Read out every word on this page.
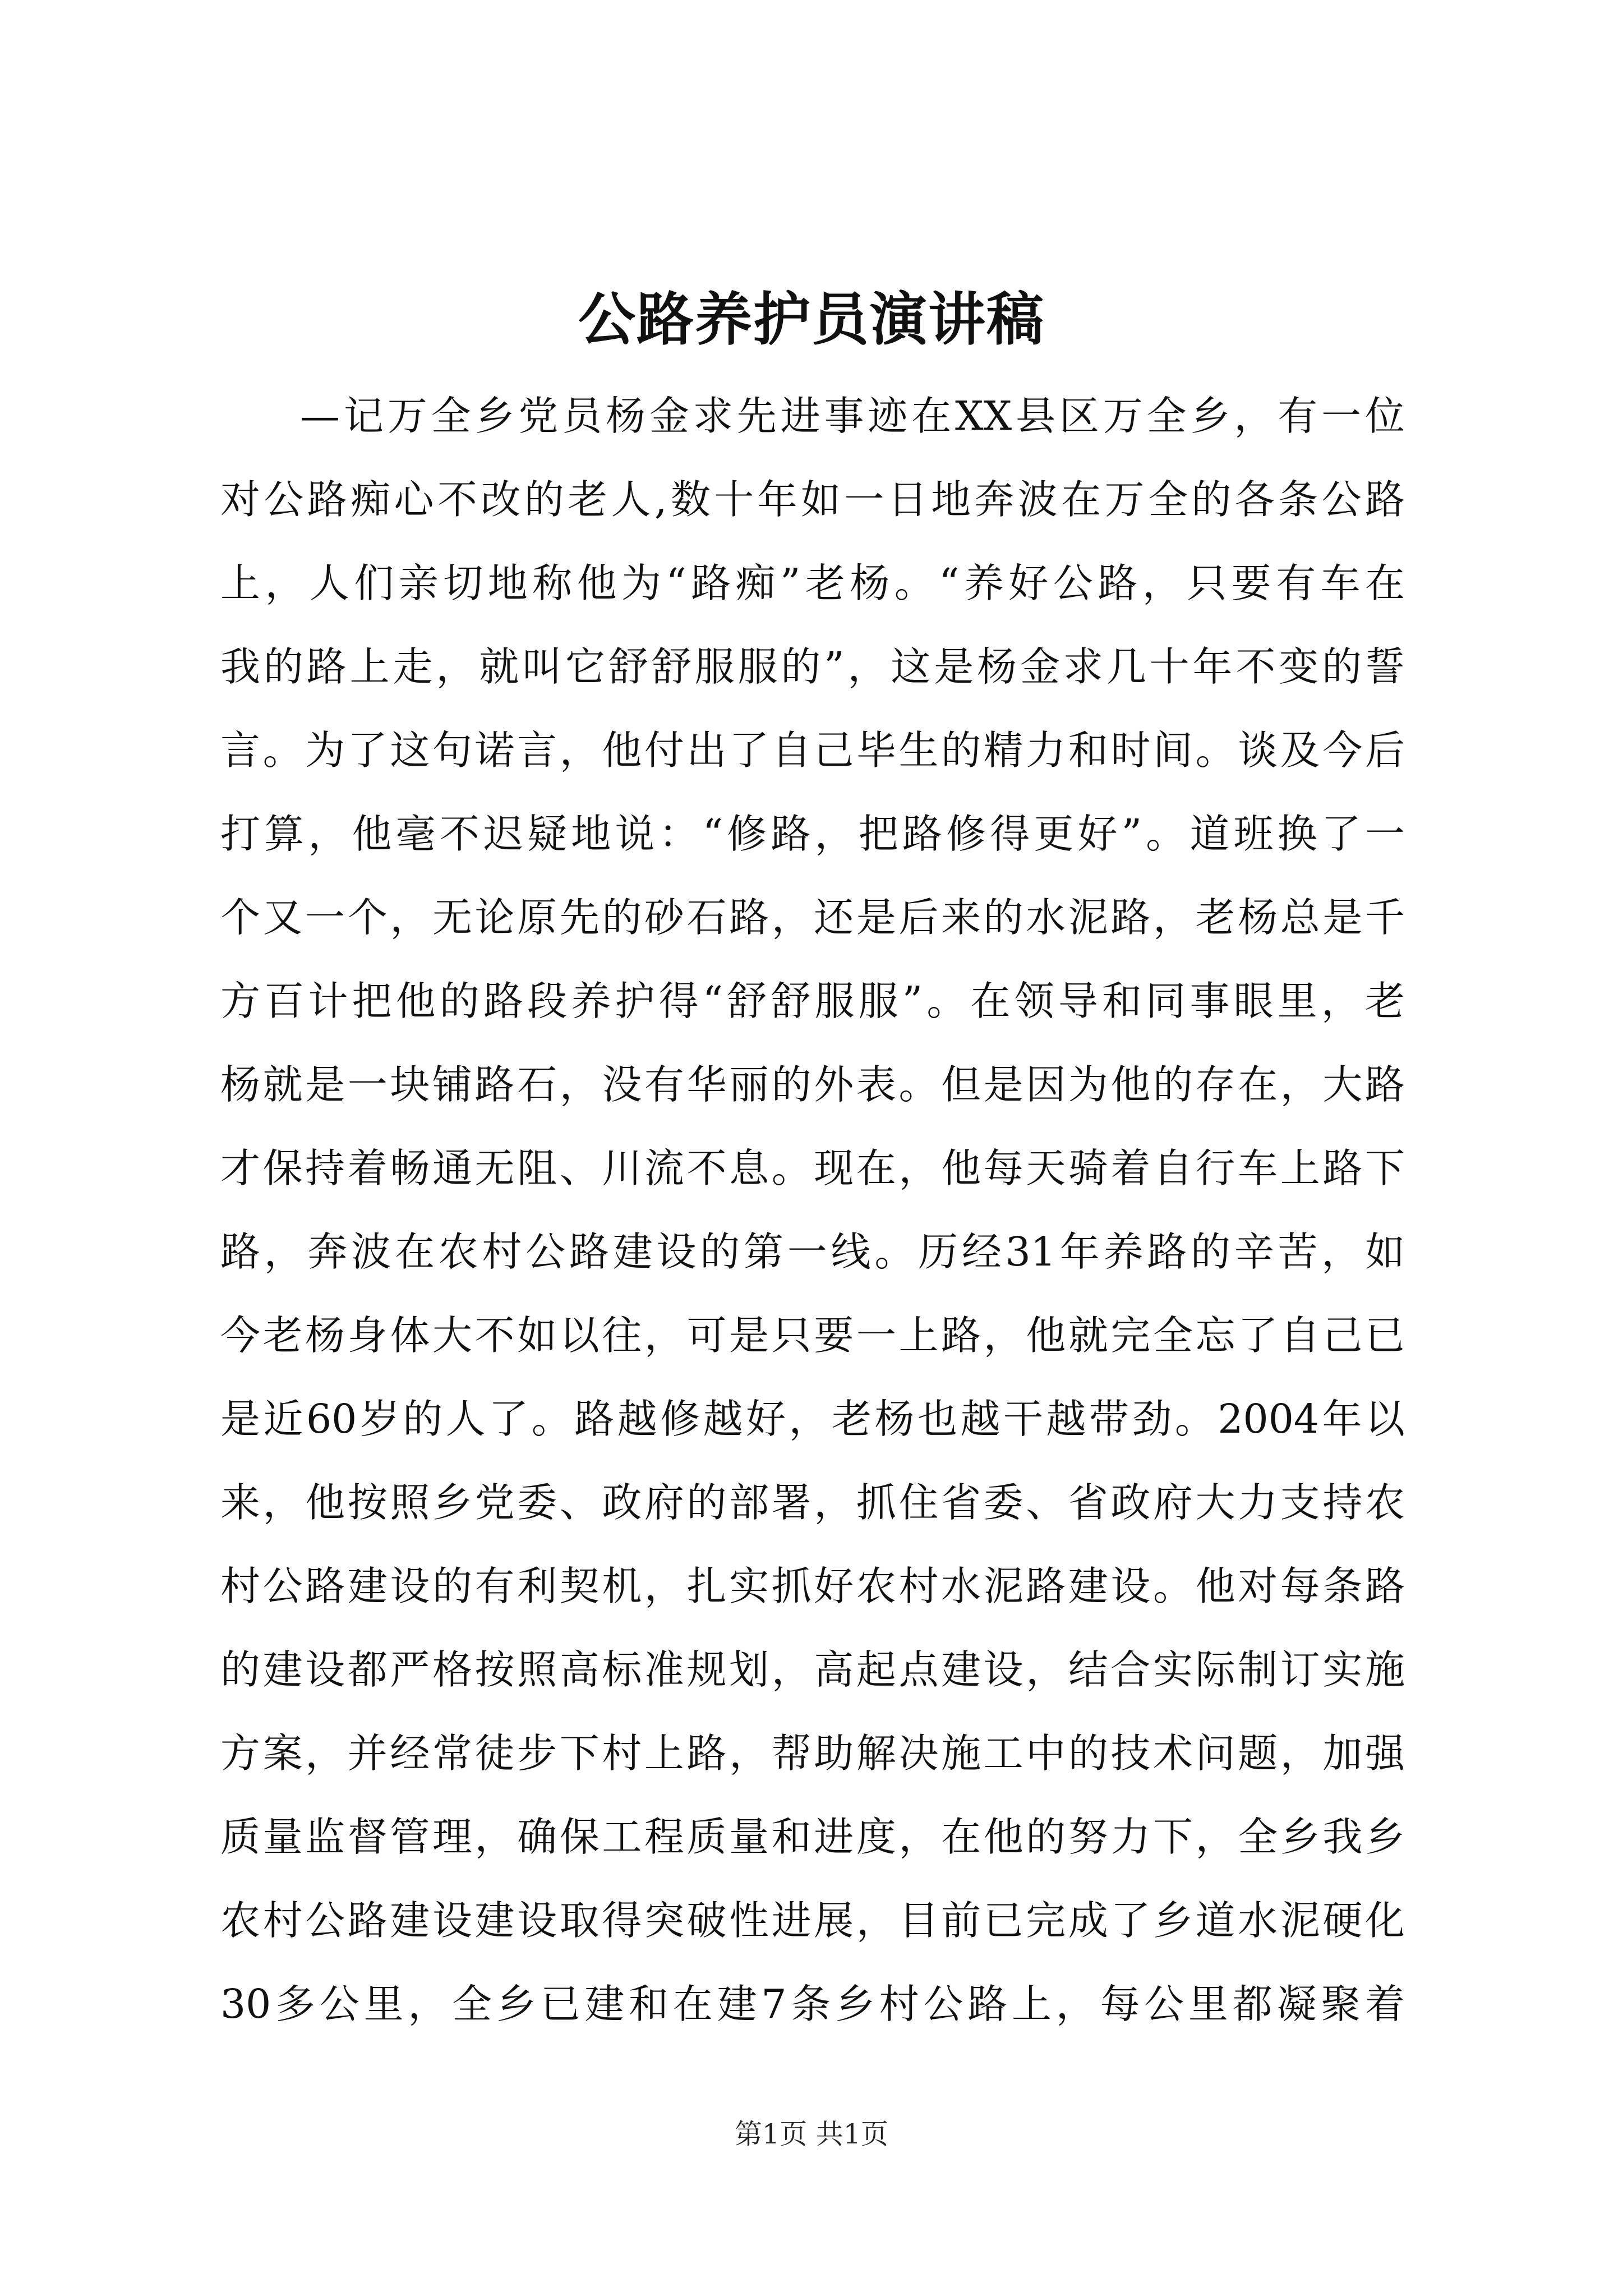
公路养护员演讲稿
—记万全乡党员杨金求先进事迹在XX县区万全乡，有一位
对公路痴心不改的老人,数十年如一日地奔波在万全的各条公路
上，人们亲切地称他为“路痴”老杨。“养好公路，只要有车在
我的路上走，就叫它舒舒服服的”，这是杨金求几十年不变的誓
言。为了这句诺言，他付出了自己毕生的精力和时间。谈及今后
打算，他毫不迟疑地说：“修路，把路修得更好”。道班换了一
个又一个，无论原先的砂石路，还是后来的水泥路，老杨总是千
方百计把他的路段养护得“舒舒服服”。在领导和同事眼里，老
杨就是一块铺路石，没有华丽的外表。但是因为他的存在，大路
才保持着畅通无阻、川流不息。现在，他每天骑着自行车上路下
路，奔波在农村公路建设的第一线。历经31年养路的辛苦，如
今老杨身体大不如以往，可是只要一上路，他就完全忘了自己已
是近60岁的人了。路越修越好，老杨也越干越带劲。2004年以
来，他按照乡党委、政府的部署，抓住省委、省政府大力支持农
村公路建设的有利契机，扎实抓好农村水泥路建设。他对每条路
的建设都严格按照高标准规划，高起点建设，结合实际制订实施
方案，并经常徒步下村上路，帮助解决施工中的技术问题，加强
质量监督管理，确保工程质量和进度，在他的努力下，全乡我乡
农村公路建设建设取得突破性进展，目前已完成了乡道水泥硬化
30多公里，全乡已建和在建7条乡村公路上，每公里都凝聚着
第1页 共1页
